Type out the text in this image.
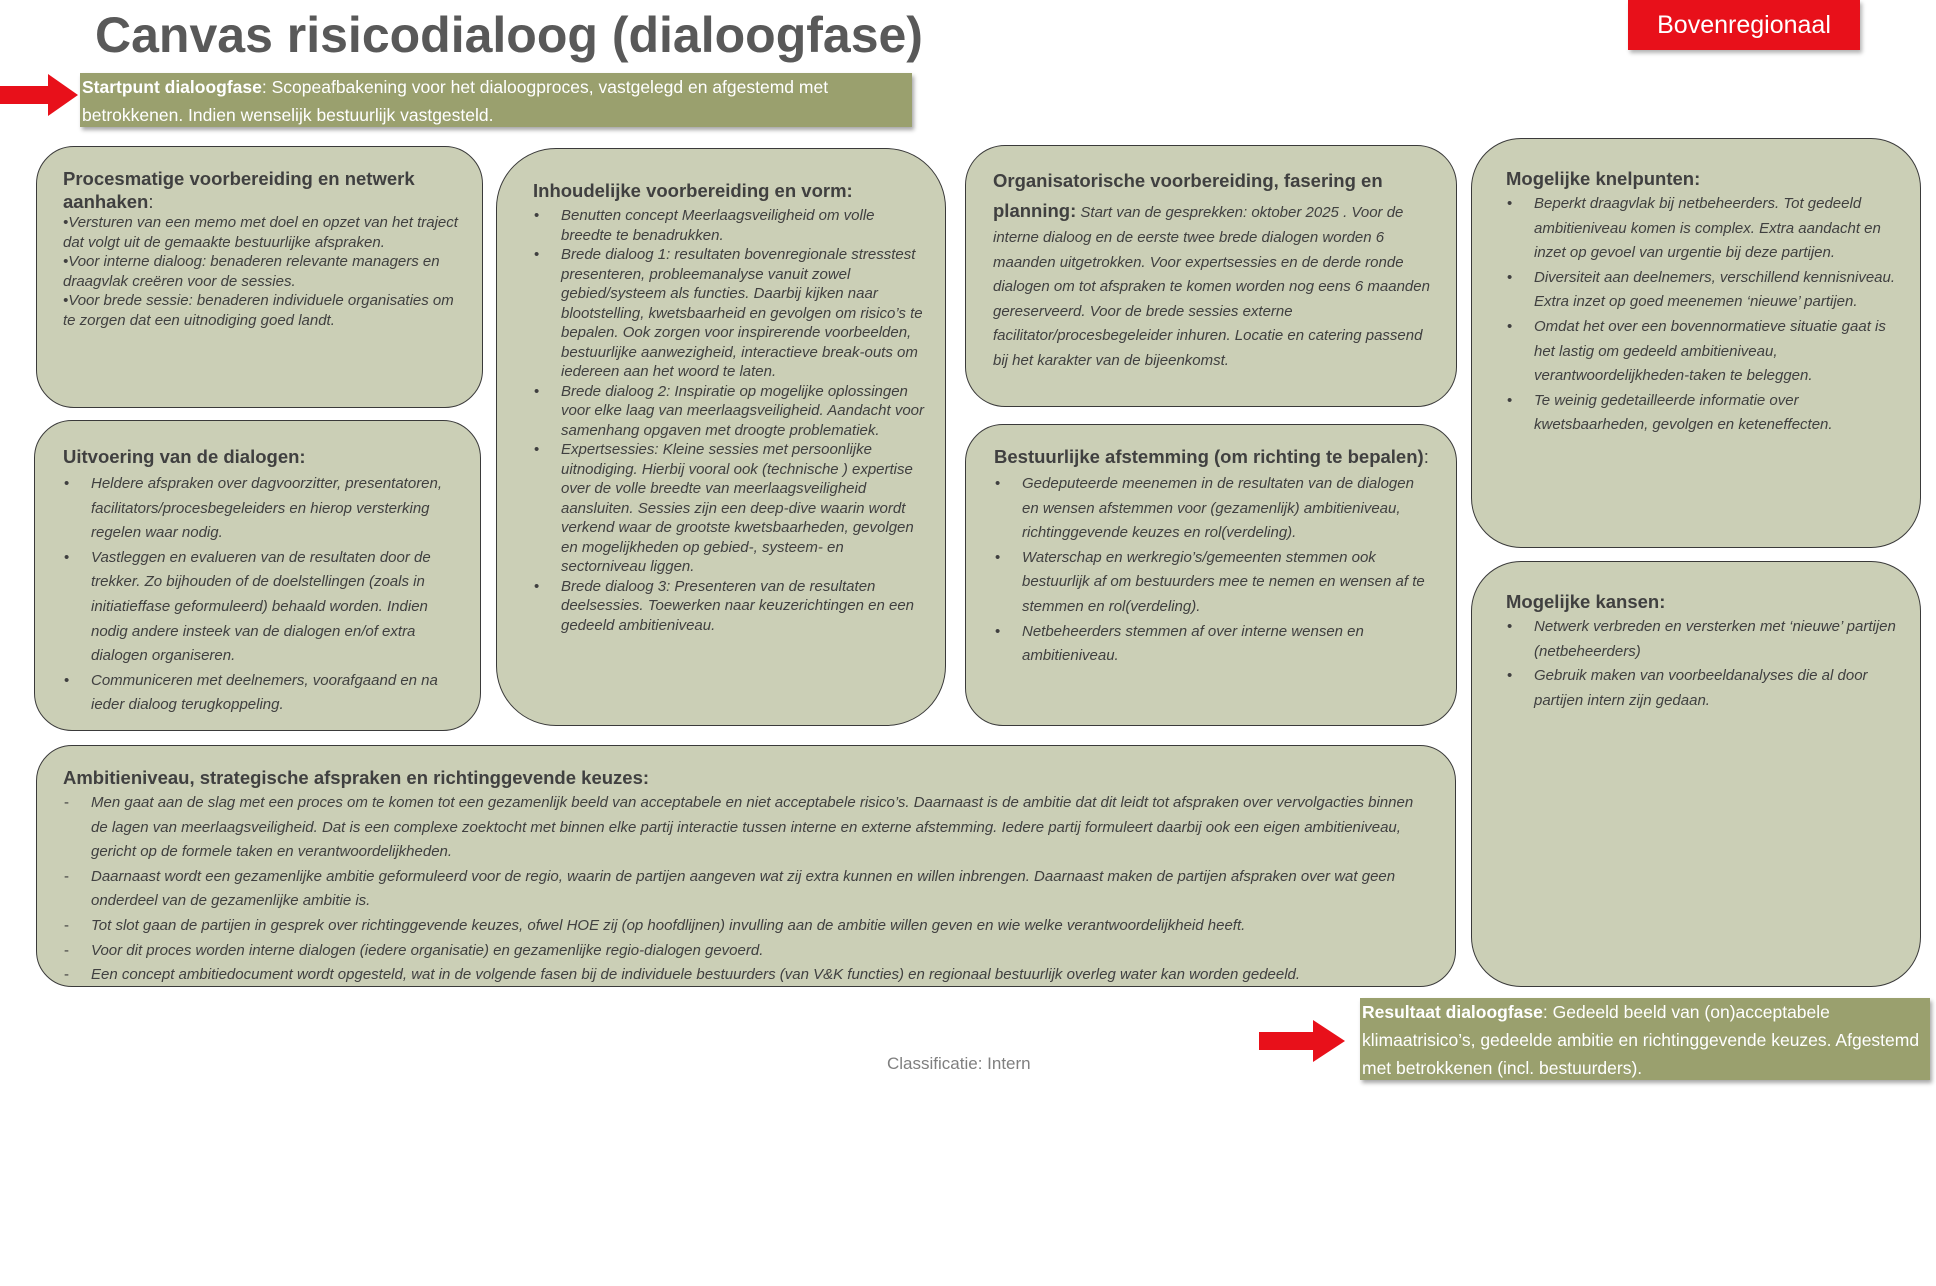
Canvas risicodialoog (dialoogfase)	Bovenregionaal
Startpunt dialoogfase: Scopeafbakening voor het dialoogproces, vastgelegd en afgestemd met betrokkenen. Indien wenselijk bestuurlijk vastgesteld.
Procesmatige voorbereiding en netwerk aanhaken:

•Versturen van een memo met doel en opzet van het traject dat volgt uit de gemaakte bestuurlijke afspraken.

•Voor interne dialoog: benaderen relevante managers en draagvlak creëren voor de sessies.

•Voor brede sessie: benaderen individuele organisaties om te zorgen dat een uitnodiging goed landt.

Uitvoering van de dialogen:
• Heldere afspraken over dagvoorzitter, presentatoren, facilitators/procesbegeleiders en hierop versterking regelen waar nodig.
• Vastleggen en evalueren van de resultaten door de trekker. Zo bijhouden of de doelstellingen (zoals in initiatieffase geformuleerd) behaald worden. Indien nodig andere insteek van de dialogen en/of extra dialogen organiseren.
• Communiceren met deelnemers, voorafgaand en na ieder dialoog terugkoppeling.
Inhoudelijke voorbereiding en vorm:
• Benutten concept Meerlaagsveiligheid om volle breedte te benadrukken.
• Brede dialoog 1: resultaten bovenregionale stresstest presenteren, probleemanalyse vanuit zowel gebied/systeem als functies. Daarbij kijken naar blootstelling, kwetsbaarheid en gevolgen om risico’s te bepalen. Ook zorgen voor inspirerende voorbeelden, bestuurlijke aanwezigheid, interactieve break-outs om iedereen aan het woord te laten.
• Brede dialoog 2: Inspiratie op mogelijke oplossingen voor elke laag van meerlaagsveiligheid. Aandacht voor samenhang opgaven met droogte problematiek.
• Expertsessies: Kleine sessies met persoonlijke uitnodiging. Hierbij vooral ook (technische ) expertise over de volle breedte van meerlaagsveiligheid aansluiten. Sessies zijn een deep-dive waarin wordt verkend waar de grootste kwetsbaarheden, gevolgen en mogelijkheden op gebied-, systeem- en sectorniveau liggen.
• Brede dialoog 3: Presenteren van de resultaten deelsessies. Toewerken naar keuzerichtingen en een gedeeld ambitieniveau.
Organisatorische voorbereiding, fasering en planning: Start van de gesprekken: oktober 2025 . Voor de interne dialoog en de eerste twee brede dialogen worden 6 maanden uitgetrokken. Voor expertsessies en de derde ronde dialogen om tot afspraken te komen worden nog eens 6 maanden gereserveerd. Voor de brede sessies externe facilitator/procesbegeleider inhuren. Locatie en catering passend bij het karakter van de bijeenkomst.
Bestuurlijke afstemming (om richting te bepalen):
• Gedeputeerde meenemen in de resultaten van de dialogen en wensen afstemmen voor (gezamenlijk) ambitieniveau, richtinggevende keuzes en rol(verdeling).
• Waterschap en werkregio’s/gemeenten stemmen ook bestuurlijk af om bestuurders mee te nemen en wensen af te stemmen en rol(verdeling).
• Netbeheerders stemmen af over interne wensen en ambitieniveau.
Mogelijke knelpunten:
• Beperkt draagvlak bij netbeheerders. Tot gedeeld ambitieniveau komen is complex. Extra aandacht en inzet op gevoel van urgentie bij deze partijen.
• Diversiteit aan deelnemers, verschillend kennisniveau. Extra inzet op goed meenemen ‘nieuwe’ partijen.
• Omdat het over een bovennormatieve situatie gaat is het lastig om gedeeld ambitieniveau, verantwoordelijkheden-taken te beleggen.
• Te weinig gedetailleerde informatie over kwetsbaarheden, gevolgen en keteneffecten.
Mogelijke kansen:
• Netwerk verbreden en versterken met ‘nieuwe’ partijen (netbeheerders)
• Gebruik maken van voorbeeldanalyses die al door partijen intern zijn gedaan.
Ambitieniveau, strategische afspraken en richtinggevende keuzes:
- Men gaat aan de slag met een proces om te komen tot een gezamenlijk beeld van acceptabele en niet acceptabele risico’s. Daarnaast is de ambitie dat dit leidt tot afspraken over vervolgacties binnen de lagen van meerlaagsveiligheid. Dat is een complexe zoektocht met binnen elke partij interactie tussen interne en externe afstemming. Iedere partij formuleert daarbij ook een eigen ambitieniveau, gericht op de formele taken en verantwoordelijkheden.
- Daarnaast wordt een gezamenlijke ambitie geformuleerd voor de regio, waarin de partijen aangeven wat zij extra kunnen en willen inbrengen. Daarnaast maken de partijen afspraken over wat geen onderdeel van de gezamenlijke ambitie is.
- Tot slot gaan de partijen in gesprek over richtinggevende keuzes, ofwel HOE zij (op hoofdlijnen) invulling aan de ambitie willen geven en wie welke verantwoordelijkheid heeft.
- Voor dit proces worden interne dialogen (iedere organisatie) en gezamenlijke regio-dialogen gevoerd.
- Een concept ambitiedocument wordt opgesteld, wat in de volgende fasen bij de individuele bestuurders (van V&K functies) en regionaal bestuurlijk overleg water kan worden gedeeld.
Resultaat dialoogfase: Gedeeld beeld van (on)acceptabele klimaatrisico’s, gedeelde ambitie en richtinggevende keuzes. Afgestemd met betrokkenen (incl. bestuurders).
Classificatie: Intern
